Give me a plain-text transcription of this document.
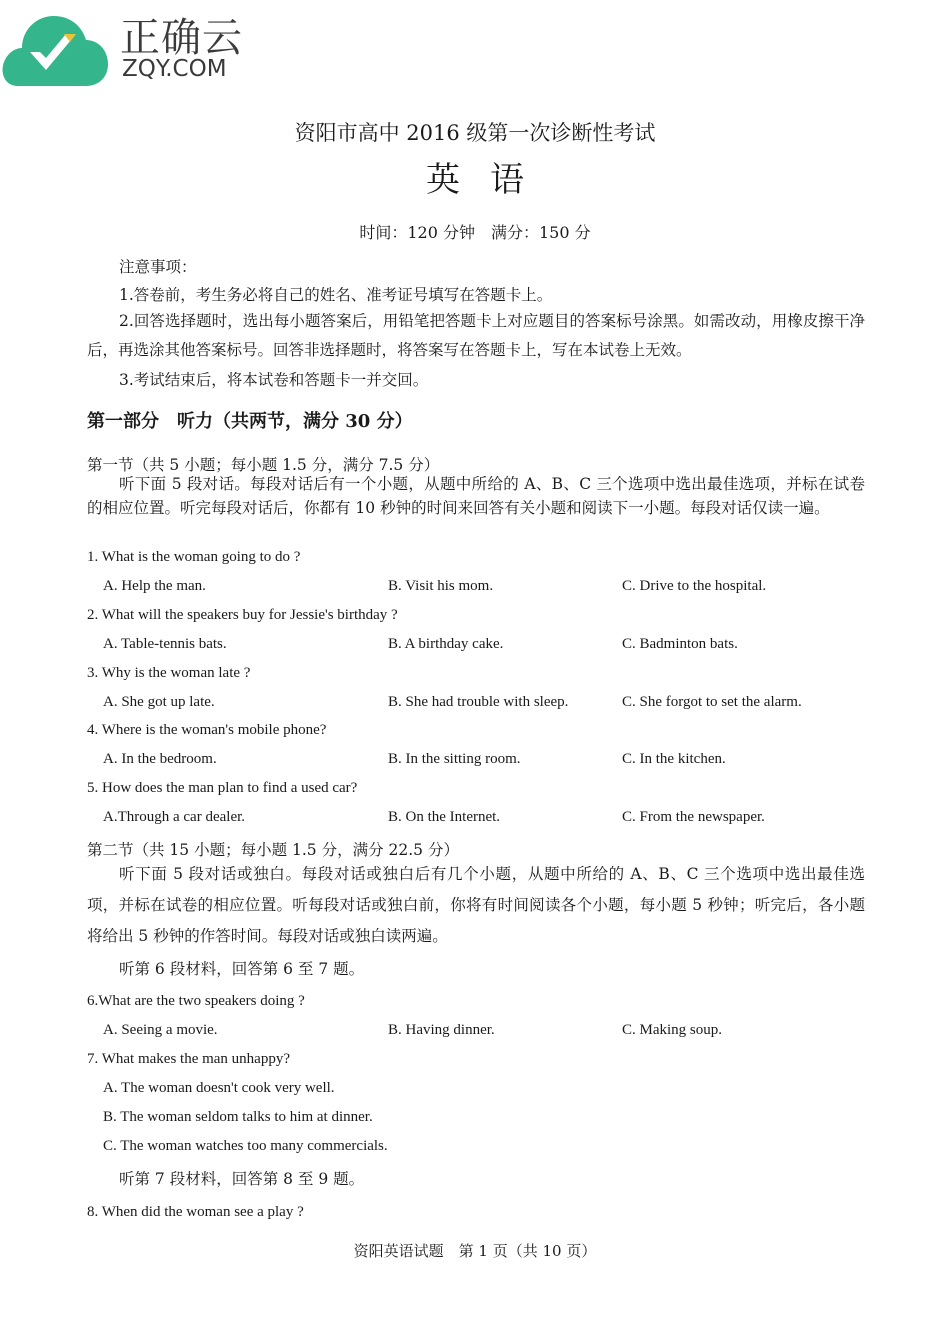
正确云
ZQY.COM
资阳市高中 2016 级第一次诊断性考试
英语
时间：120 分钟　满分：150 分
注意事项：
1.答卷前，考生务必将自己的姓名、准考证号填写在答题卡上。
2.回答选择题时，选出每小题答案后，用铅笔把答题卡上对应题目的答案标号涂黑。如需改动，用橡皮擦干净后，再选涂其他答案标号。回答非选择题时，将答案写在答题卡上，写在本试卷上无效。
3.考试结束后，将本试卷和答题卡一并交回。
第一部分　听力（共两节，满分 30 分）
第一节（共 5 小题；每小题 1.5 分，满分 7.5 分）
听下面 5 段对话。每段对话后有一个小题，从题中所给的 A、B、C 三个选项中选出最佳选项，并标在试卷的相应位置。听完每段对话后，你都有 10 秒钟的时间来回答有关小题和阅读下一小题。每段对话仅读一遍。
1. What is the woman going to do ?
A. Help the man.	B. Visit his mom.	C. Drive to the hospital.
2. What will the speakers buy for Jessie's birthday ?
A. Table-tennis bats.	B. A birthday cake.	C. Badminton bats.
3. Why is the woman late ?
A. She got up late.	B. She had trouble with sleep.	C. She forgot to set the alarm.
4. Where is the woman's mobile phone?
A. In the bedroom.	B. In the sitting room.	C. In the kitchen.
5. How does the man plan to find a used car?
A.Through a car dealer.	B. On the Internet.	C. From the newspaper.
第二节（共 15 小题；每小题 1.5 分，满分 22.5 分）
听下面 5 段对话或独白。每段对话或独白后有几个小题，从题中所给的 A、B、C 三个选项中选出最佳选项，并标在试卷的相应位置。听每段对话或独白前，你将有时间阅读各个小题，每小题 5 秒钟；听完后，各小题将给出 5 秒钟的作答时间。每段对话或独白读两遍。
听第 6 段材料，回答第 6 至 7 题。
6.What are the two speakers doing ?
A. Seeing a movie.	B. Having dinner.	C. Making soup.
7. What makes the man unhappy?
A. The woman doesn't cook very well.
B. The woman seldom talks to him at dinner.
C. The woman watches too many commercials.
听第 7 段材料，回答第 8 至 9 题。
8. When did the woman see a play ?
资阳英语试题　第 1 页（共 10 页）
